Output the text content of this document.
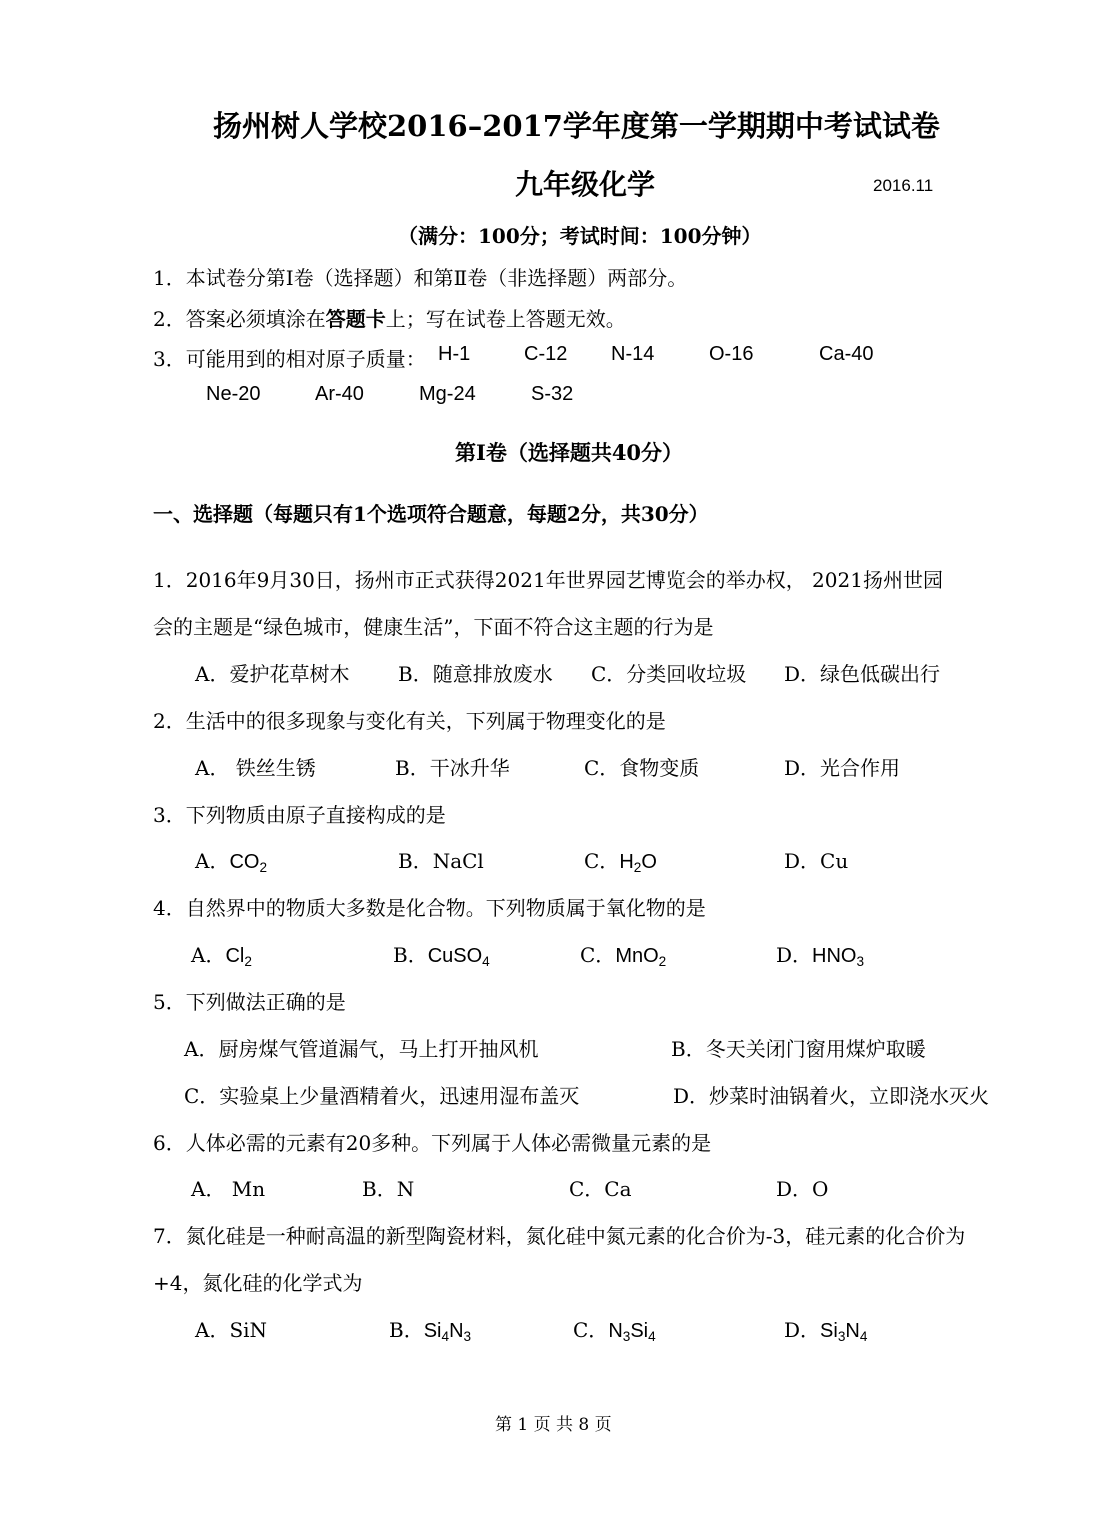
扬州树人学校2016–2017学年度第一学期期中考试试卷
九年级化学	2016.11
（满分：100分；考试时间：100分钟）
1．本试卷分第Ⅰ卷（选择题）和第Ⅱ卷（非选择题）两部分。
2．答案必须填涂在答题卡上；写在试卷上答题无效。
3．可能用到的相对原子质量： H-1	C-12 N-14	O-16	Ca-40
Ne-20	Ar-40	Mg-24	S-32
第Ⅰ卷（选择题共40分）
一、选择题（每题只有1个选项符合题意，每题2分，共30分）
1．2016年9月30日，扬州市正式获得2021年世界园艺博览会的举办权， 2021扬州世园
会的主题是“绿色城市，健康生活”，下面不符合这主题的行为是
A．爱护花草树木 B．随意排放废水 C．分类回收垃圾 D．绿色低碳出行
2．生活中的很多现象与变化有关，下列属于物理变化的是
A． 铁丝生锈	B．干冰升华	C．食物变质	D．光合作用
3．下列物质由原子直接构成的是
A．$CO_2$	B．NaCl	C．$H_2O$	D．Cu
4．自然界中的物质大多数是化合物。下列物质属于氧化物的是
A．$Cl_2$	B．CuSO$_4$	C．MnO$_2$	D．$HNO_3$
5．下列做法正确的是
A．厨房煤气管道漏气，马上打开抽风机	B．冬天关闭门窗用煤炉取暖
C．实验桌上少量酒精着火，迅速用湿布盖灭	D．炒菜时油锅着火，立即浇水灭火
6．人体必需的元素有20多种。下列属于人体必需微量元素的是
A． Mn	B．N	C．Ca	D．O
7．氮化硅是一种耐高温的新型陶瓷材料，氮化硅中氮元素的化合价为-3，硅元素的化合价为
+4，氮化硅的化学式为
A．SiN	B．$Si_4N_3$	C．$N_3Si_4$	D．$Si_3N_4$
第 1 页 共 8 页
